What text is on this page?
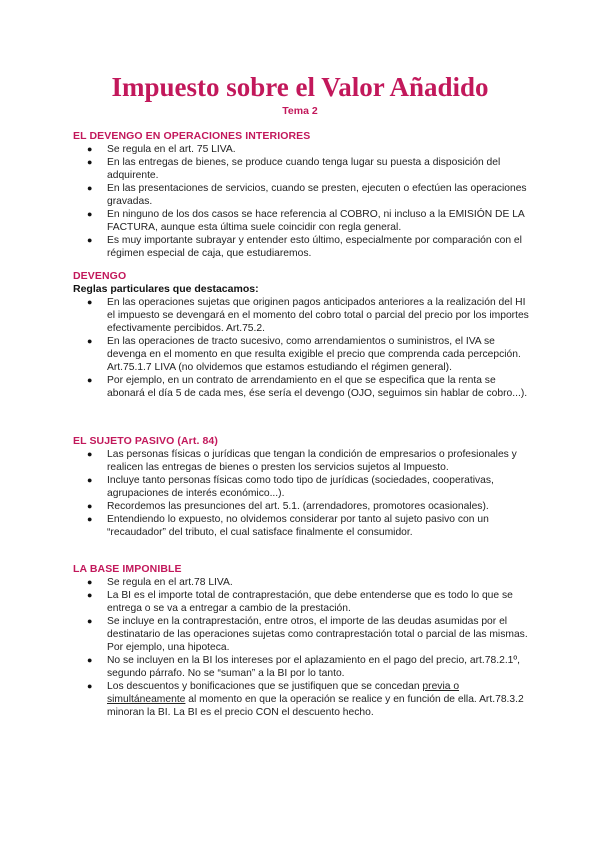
Impuesto sobre el Valor Añadido
Tema 2
EL DEVENGO EN OPERACIONES INTERIORES
● Se regula en el art. 75 LIVA.
● En las entregas de bienes, se produce cuando tenga lugar su puesta a disposición del adquirente.
● En las presentaciones de servicios, cuando se presten, ejecuten o efectúen las operaciones gravadas.
● En ninguno de los dos casos se hace referencia al COBRO, ni incluso a la EMISIÓN DE LA FACTURA, aunque esta última suele coincidir con regla general.
● Es muy importante subrayar y entender esto último, especialmente por comparación con el régimen especial de caja, que estudiaremos.
DEVENGO
Reglas particulares que destacamos:
● En las operaciones sujetas que originen pagos anticipados anteriores a la realización del HI el impuesto se devengará en el momento del cobro total o parcial del precio por los importes efectivamente percibidos. Art.75.2.
● En las operaciones de tracto sucesivo, como arrendamientos o suministros, el IVA se devenga en el momento en que resulta exigible el precio que comprenda cada percepción. Art.75.1.7 LIVA (no olvidemos que estamos estudiando el régimen general).
● Por ejemplo, en un contrato de arrendamiento en el que se especifica que la renta se abonará el día 5 de cada mes, ése sería el devengo (OJO, seguimos sin hablar de cobro...).
EL SUJETO PASIVO (Art. 84)
● Las personas físicas o jurídicas que tengan la condición de empresarios o profesionales y realicen las entregas de bienes o presten los servicios sujetos al Impuesto.
● Incluye tanto personas físicas como todo tipo de jurídicas (sociedades, cooperativas, agrupaciones de interés económico...).
● Recordemos las presunciones del art. 5.1. (arrendadores, promotores ocasionales).
● Entendiendo lo expuesto, no olvidemos considerar por tanto al sujeto pasivo con un “recaudador” del tributo, el cual satisface finalmente el consumidor.
LA BASE IMPONIBLE
● Se regula en el art.78 LIVA.
● La BI es el importe total de contraprestación, que debe entenderse que es todo lo que se entrega o se va a entregar a cambio de la prestación.
● Se incluye en la contraprestación, entre otros, el importe de las deudas asumidas por el destinatario de las operaciones sujetas como contraprestación total o parcial de las mismas. Por ejemplo, una hipoteca.
● No se incluyen en la BI los intereses por el aplazamiento en el pago del precio, art.78.2.1º, segundo párrafo. No se “suman” a la BI por lo tanto.
● Los descuentos y bonificaciones que se justifiquen que se concedan previa o simultáneamente al momento en que la operación se realice y en función de ella. Art.78.3.2 minoran la BI. La BI es el precio CON el descuento hecho.
